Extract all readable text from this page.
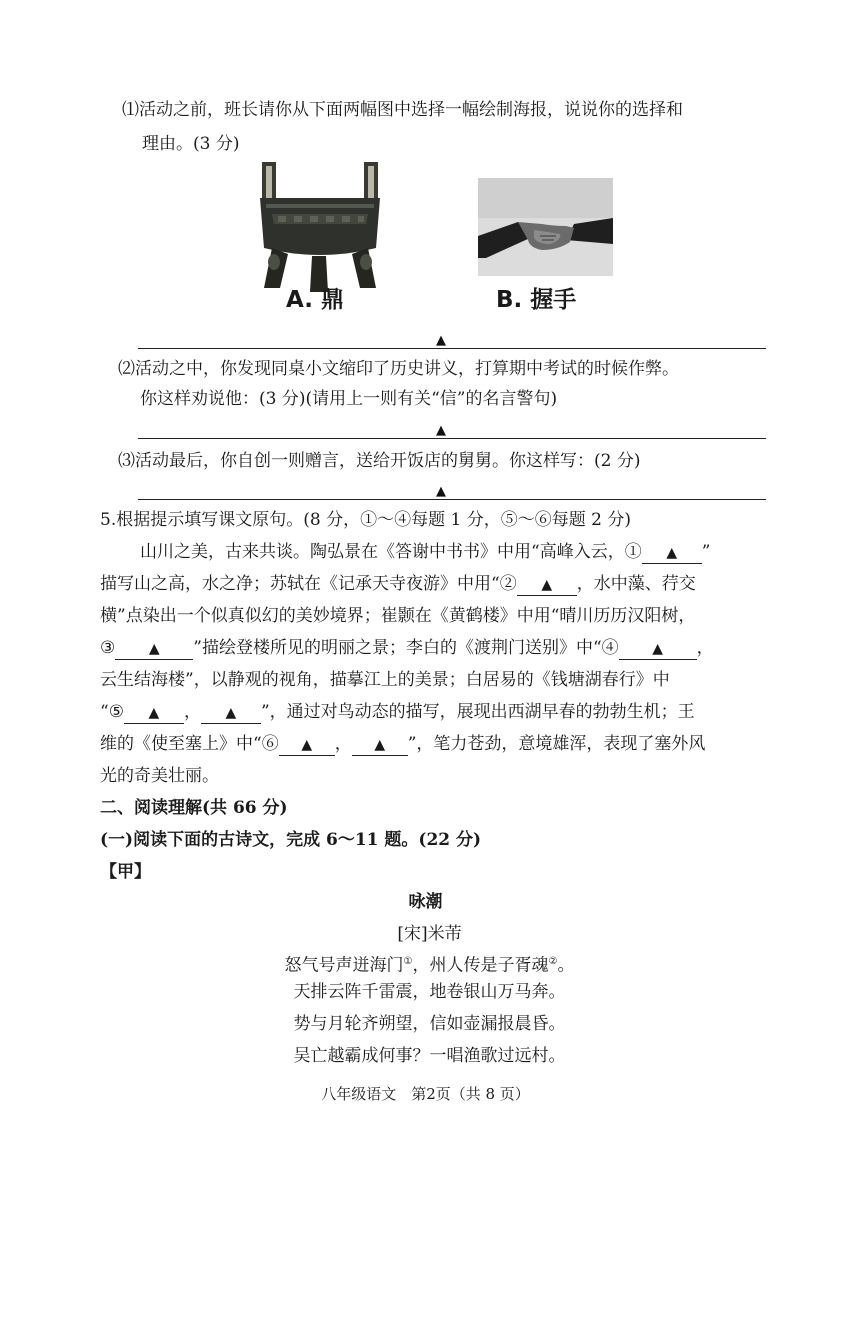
⑴活动之前，班长请你从下面两幅图中选择一幅绘制海报，说说你的选择和
理由。(3 分)
A. 鼎	B. 握手
▲
⑵活动之中，你发现同桌小文缩印了历史讲义，打算期中考试的时候作弊。
你这样劝说他：(3 分)(请用上一则有关“信”的名言警句)
▲
⑶活动最后，你自创一则赠言，送给开饭店的舅舅。你这样写：(2 分)
▲
5.根据提示填写课文原句。(8 分，①～④每题 1 分，⑤～⑥每题 2 分)
山川之美，古来共谈。陶弘景在《答谢中书书》中用“高峰入云，① ▲ ”
描写山之高，水之净；苏轼在《记承天寺夜游》中用“② ▲ ，水中藻、荇交
横”点染出一个似真似幻的美妙境界；崔颢在《黄鹤楼》中用“晴川历历汉阳树，
③ ▲ ”描绘登楼所见的明丽之景；李白的《渡荆门送别》中“④ ▲ ，
云生结海楼”，以静观的视角，描摹江上的美景；白居易的《钱塘湖春行》中
“⑤ ▲ ， ▲ ”，通过对鸟动态的描写，展现出西湖早春的勃勃生机；王
维的《使至塞上》中“⑥ ▲ ， ▲ ”，笔力苍劲，意境雄浑，表现了塞外风
光的奇美壮丽。
二、阅读理解(共 66 分)
(一)阅读下面的古诗文，完成 6～11 题。(22 分)
【甲】
咏潮
[宋]米芾
怒气号声迸海门①，州人传是子胥魂②。
天排云阵千雷震，地卷银山万马奔。
势与月轮齐朔望，信如壶漏报晨昏。
吴亡越霸成何事？一唱渔歌过远村。
八年级语文　第2页（共 8 页）
